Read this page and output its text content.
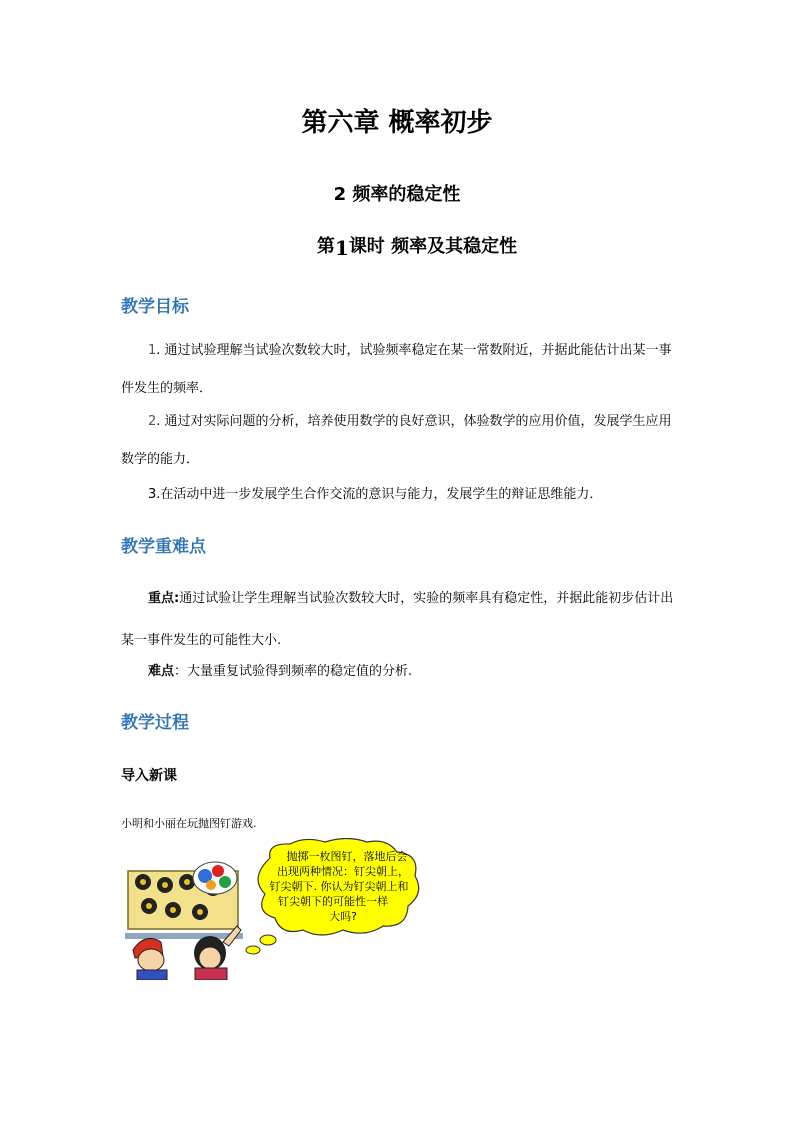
第六章 概率初步
2 频率的稳定性
第1课时 频率及其稳定性
教学目标
1. 通过试验理解当试验次数较大时，试验频率稳定在某一常数附近，并据此能估计出某一事件发生的频率．
2. 通过对实际问题的分析，培养使用数学的良好意识，体验数学的应用价值，发展学生应用数学的能力．
3.在活动中进一步发展学生合作交流的意识与能力，发展学生的辩证思维能力．
教学重难点
重点:通过试验让学生理解当试验次数较大时，实验的频率具有稳定性，并据此能初步估计出某一事件发生的可能性大小.
难点：大量重复试验得到频率的稳定值的分析.
教学过程
导入新课
小明和小丽在玩抛图钉游戏.
抛掷一枚图钉，落地后会
出现两种情况：钉尖朝上，
钉尖朝下. 你认为钉尖朝上和
钉尖朝下的可能性一样
大吗?
